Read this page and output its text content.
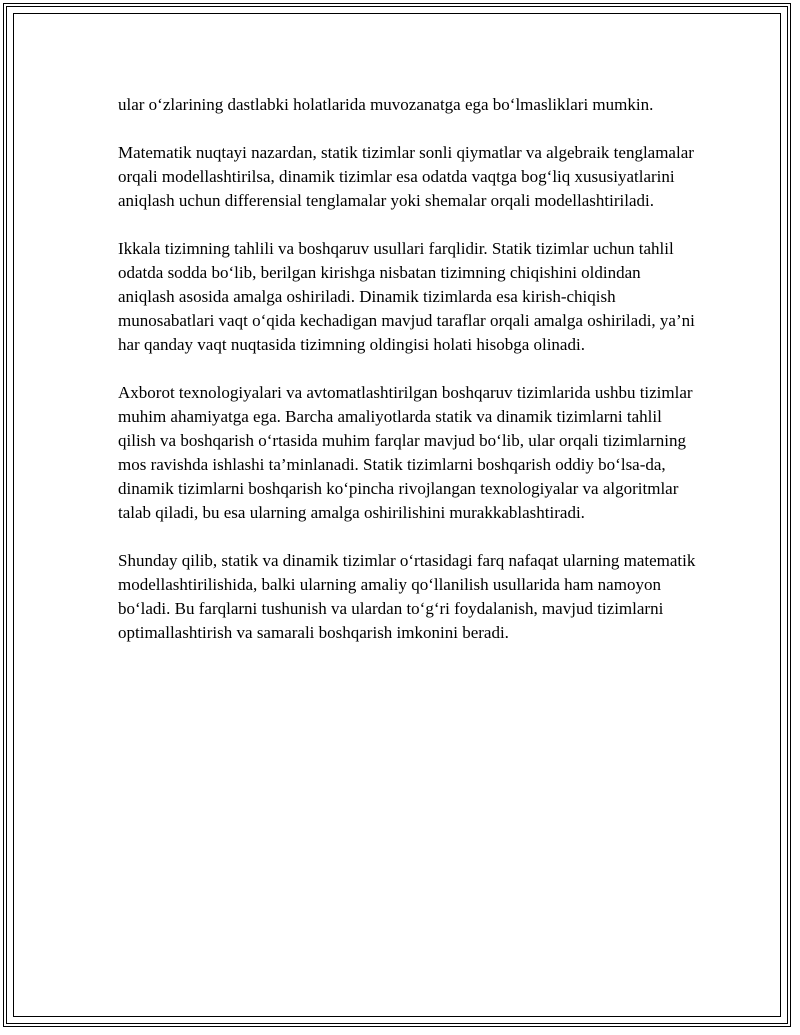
ular o‘zlarining dastlabki holatlarida muvozanatga ega bo‘lmasliklari mumkin.

Matematik nuqtayi nazardan, statik tizimlar sonli qiymatlar va algebraik tenglamalar orqali modellashtirilsa, dinamik tizimlar esa odatda vaqtga bog‘liq xususiyatlarini aniqlash uchun differensial tenglamalar yoki shemalar orqali modellashtiriladi.

Ikkala tizimning tahlili va boshqaruv usullari farqlidir. Statik tizimlar uchun tahlil odatda sodda bo‘lib, berilgan kirishga nisbatan tizimning chiqishini oldindan aniqlash asosida amalga oshiriladi. Dinamik tizimlarda esa kirish-chiqish munosabatlari vaqt o‘qida kechadigan mavjud taraflar orqali amalga oshiriladi, ya’ni har qanday vaqt nuqtasida tizimning oldingisi holati hisobga olinadi.

Axborot texnologiyalari va avtomatlashtirilgan boshqaruv tizimlarida ushbu tizimlar muhim ahamiyatga ega. Barcha amaliyotlarda statik va dinamik tizimlarni tahlil qilish va boshqarish o‘rtasida muhim farqlar mavjud bo‘lib, ular orqali tizimlarning mos ravishda ishlashi ta’minlanadi. Statik tizimlarni boshqarish oddiy bo‘lsa-da, dinamik tizimlarni boshqarish ko‘pincha rivojlangan texnologiyalar va algoritmlar talab qiladi, bu esa ularning amalga oshirilishini murakkablashtiradi.

Shunday qilib, statik va dinamik tizimlar o‘rtasidagi farq nafaqat ularning matematik modellashtirilishida, balki ularning amaliy qo‘llanilish usullarida ham namoyon bo‘ladi. Bu farqlarni tushunish va ulardan to‘g‘ri foydalanish, mavjud tizimlarni optimallashtirish va samarali boshqarish imkonini beradi.
